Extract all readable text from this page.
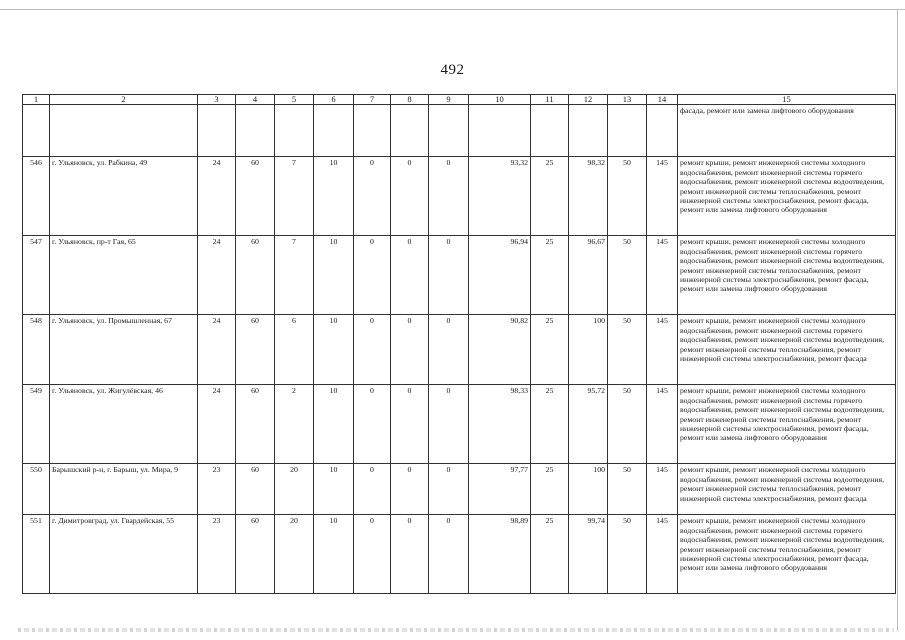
492
1	2	3	4	5	6	7	8	9	10	11	12	13	14	15
														фасада, ремонт или замена лифтового оборудования
546	г. Ульяновск, ул. Рабкина, 49	24	60	7	10	0	0	0	93,32	25	98,32	50	145	ремонт крыши, ремонт инженерной системы холодного водоснабжения, ремонт инженерной системы горячего водоснабжения, ремонт инженерной системы водоотведения, ремонт инженерной системы теплоснабжения, ремонт инженерной системы электроснабжения, ремонт фасада, ремонт или замена лифтового оборудования
547	г. Ульяновск, пр-т Гая, 65	24	60	7	10	0	0	0	96,94	25	96,67	50	145	ремонт крыши, ремонт инженерной системы холодного водоснабжения, ремонт инженерной системы горячего водоснабжения, ремонт инженерной системы водоотведения, ремонт инженерной системы теплоснабжения, ремонт инженерной системы электроснабжения, ремонт фасада, ремонт или замена лифтового оборудования
548	г. Ульяновск, ул. Промышленная, 67	24	60	6	10	0	0	0	90,82	25	100	50	145	ремонт крыши, ремонт инженерной системы холодного водоснабжения, ремонт инженерной системы горячего водоснабжения, ремонт инженерной системы водоотведения, ремонт инженерной системы теплоснабжения, ремонт инженерной системы электроснабжения, ремонт фасада
549	г. Ульяновск, ул. Жигулёвская, 46	24	60	2	10	0	0	0	98,33	25	95,72	50	145	ремонт крыши, ремонт инженерной системы холодного водоснабжения, ремонт инженерной системы горячего водоснабжения, ремонт инженерной системы водоотведения, ремонт инженерной системы теплоснабжения, ремонт инженерной системы электроснабжения, ремонт фасада, ремонт или замена лифтового оборудования
550	Барышский р-н, г. Барыш, ул. Мира, 9	23	60	20	10	0	0	0	97,77	25	100	50	145	ремонт крыши, ремонт инженерной системы холодного водоснабжения, ремонт инженерной системы водоотведения, ремонт инженерной системы теплоснабжения, ремонт инженерной системы электроснабжения, ремонт фасада
551	г. Димитровград, ул. Гвардейская, 55	23	60	20	10	0	0	0	98,89	25	99,74	50	145	ремонт крыши, ремонт инженерной системы холодного водоснабжения, ремонт инженерной системы горячего водоснабжения, ремонт инженерной системы водоотведения, ремонт инженерной системы теплоснабжения, ремонт инженерной системы электроснабжения, ремонт фасада, ремонт или замена лифтового оборудования
